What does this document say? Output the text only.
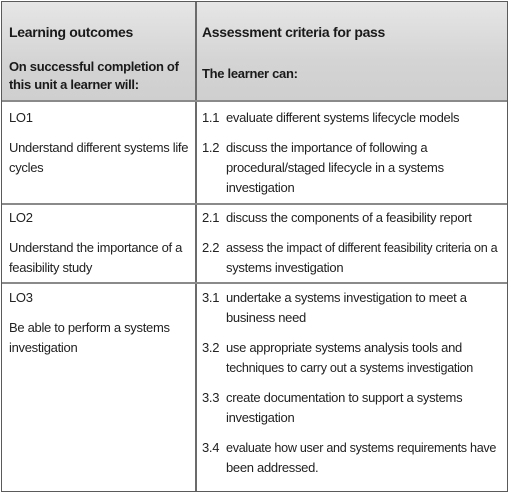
Learning outcomes
On successful completion of
this unit a learner will:
Assessment criteria for pass
The learner can:
LO1
Understand different systems life
cycles
1.1 evaluate different systems lifecycle models
1.2 discuss the importance of following a
procedural/staged lifecycle in a systems
investigation
LO2
Understand the importance of a
feasibility study
2.1 discuss the components of a feasibility report
2.2 assess the impact of different feasibility criteria on a
systems investigation
LO3
Be able to perform a systems
investigation
3.1 undertake a systems investigation to meet a
business need
3.2 use appropriate systems analysis tools and
techniques to carry out a systems investigation
3.3 create documentation to support a systems
investigation
3.4 evaluate how user and systems requirements have
been addressed.
